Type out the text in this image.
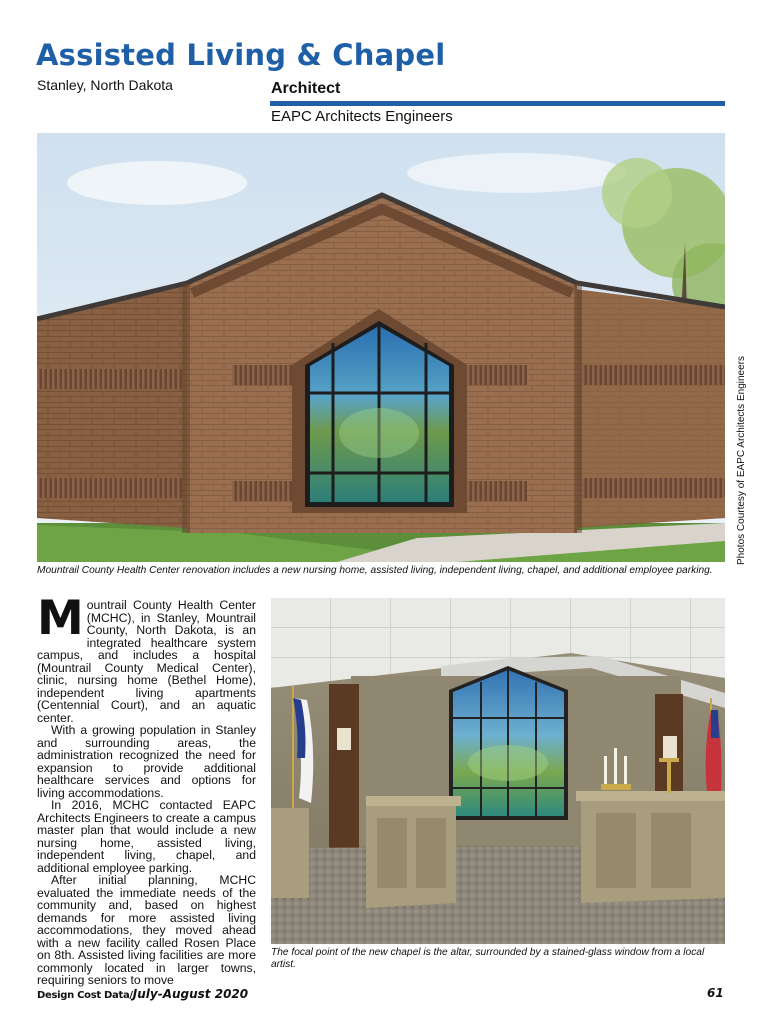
Assisted Living & Chapel
Stanley, North Dakota	Architect
EAPC Architects Engineers
Photos Courtesy of EAPC Architects Engineers
Mountrail County Health Center renovation includes a new nursing home, assisted living, independent living, chapel, and additional employee parking.

Mountrail County Health Center (MCHC), in Stanley, Mountrail County, North Dakota, is an integrated healthcare system campus, and includes a hospital (Mountrail County Medical Center), clinic, nursing home (Bethel Home), independent living apartments (Centennial Court), and an aquatic center.

With a growing population in Stanley and surrounding areas, the administration recognized the need for expansion to provide additional healthcare services and options for living accommodations.

In 2016, MCHC contacted EAPC Architects Engineers to create a campus master plan that would include a new nursing home, assisted living, independent living, chapel, and additional employee parking.

After initial planning, MCHC evaluated the immediate needs of the community and, based on highest demands for more assisted living accommodations, they moved ahead with a new facility called Rosen Place on 8th. Assisted living facilities are more commonly located in larger towns, requiring seniors to move

The focal point of the new chapel is the altar, surrounded by a stained-glass window from a local artist.
Design Cost Data/July-August 2020	61
